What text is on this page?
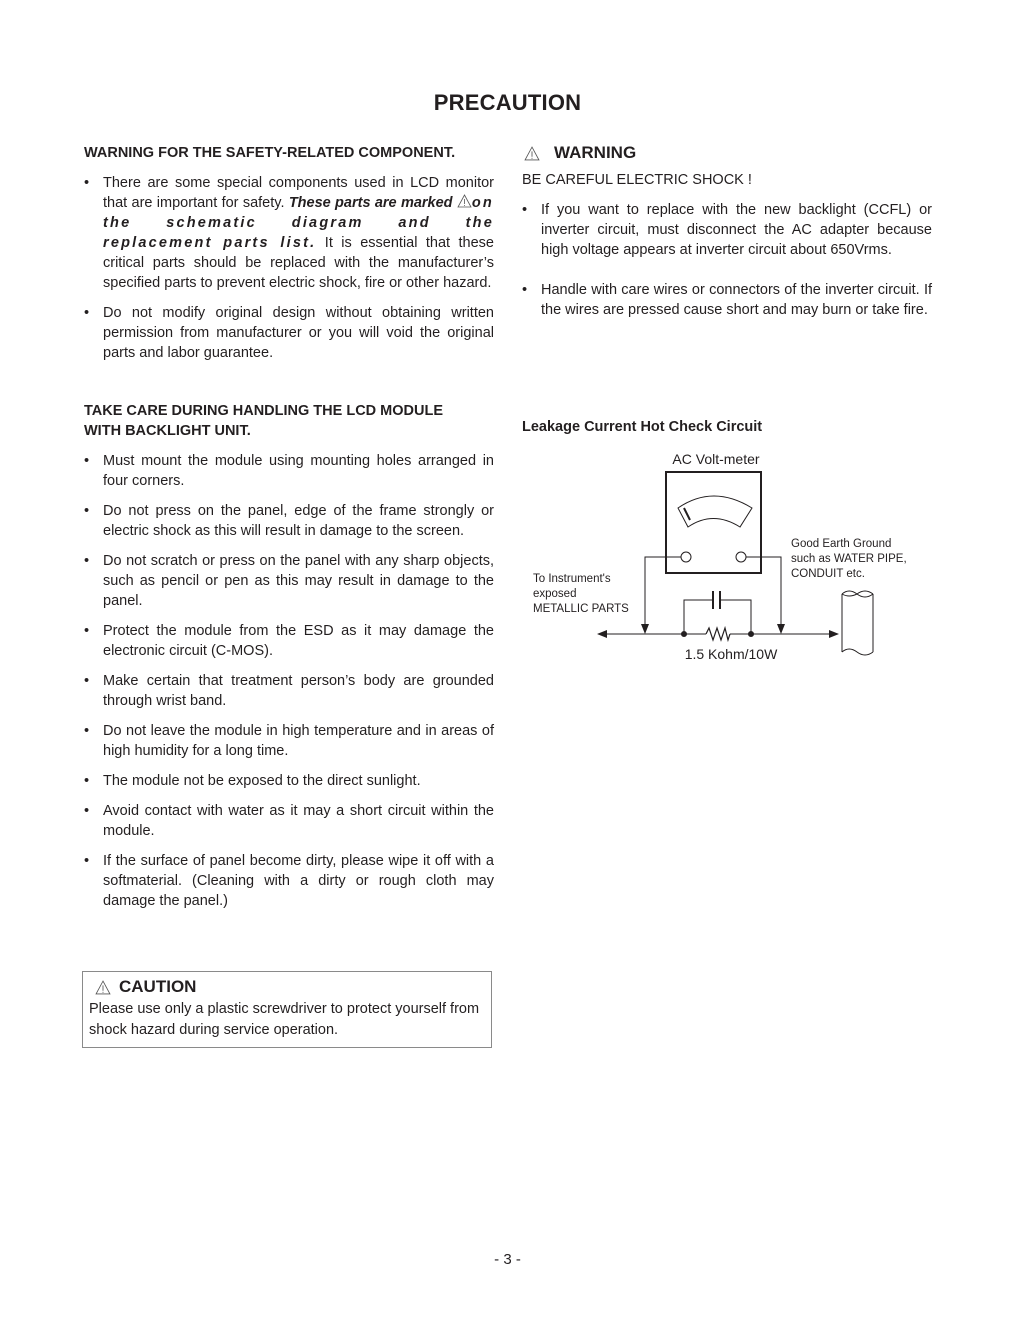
PRECAUTION

WARNING FOR THE SAFETY-RELATED COMPONENT.

• There are some special components used in LCD monitor that are important for safety. These parts are marked on the schematic diagram and the replacement parts list. It is essential that these critical parts should be replaced with the manufacturer’s specified parts to prevent electric shock, fire or other hazard.
• Do not modify original design without obtaining written permission from manufacturer or you will void the original parts and labor guarantee.

TAKE CARE DURING HANDLING THE LCD MODULE
WITH BACKLIGHT UNIT.

• Must mount the module using mounting holes arranged in four corners.
• Do not press on the panel, edge of the frame strongly or electric shock as this will result in damage to the screen.
• Do not scratch or press on the panel with any sharp objects, such as pencil or pen as this may result in damage to the panel.
• Protect the module from the ESD as it may damage the electronic circuit (C-MOS).
• Make certain that treatment person’s body are grounded through wrist band.
• Do not leave the module in high temperature and in areas of high humidity for a long time.
• The module not be exposed to the direct sunlight.
• Avoid contact with water as it may a short circuit within the module.
• If the surface of panel become dirty, please wipe it off with a softmaterial. (Cleaning with a dirty or rough cloth may damage the panel.)
CAUTION
Please use only a plastic screwdriver to protect yourself from shock hazard during service operation.
WARNING
BE CAREFUL ELECTRIC SHOCK !
• If you want to replace with the new backlight (CCFL) or inverter circuit, must disconnect the AC adapter because high voltage appears at inverter circuit about 650Vrms.
• Handle with care wires or connectors of the inverter circuit. If the wires are pressed cause short and may burn or take fire.
Leakage Current Hot Check Circuit
AC Volt-meter
To Instrument's exposed METALLIC PARTS
Good Earth Ground such as WATER PIPE, CONDUIT etc.
1.5 Kohm/10W
- 3 -
